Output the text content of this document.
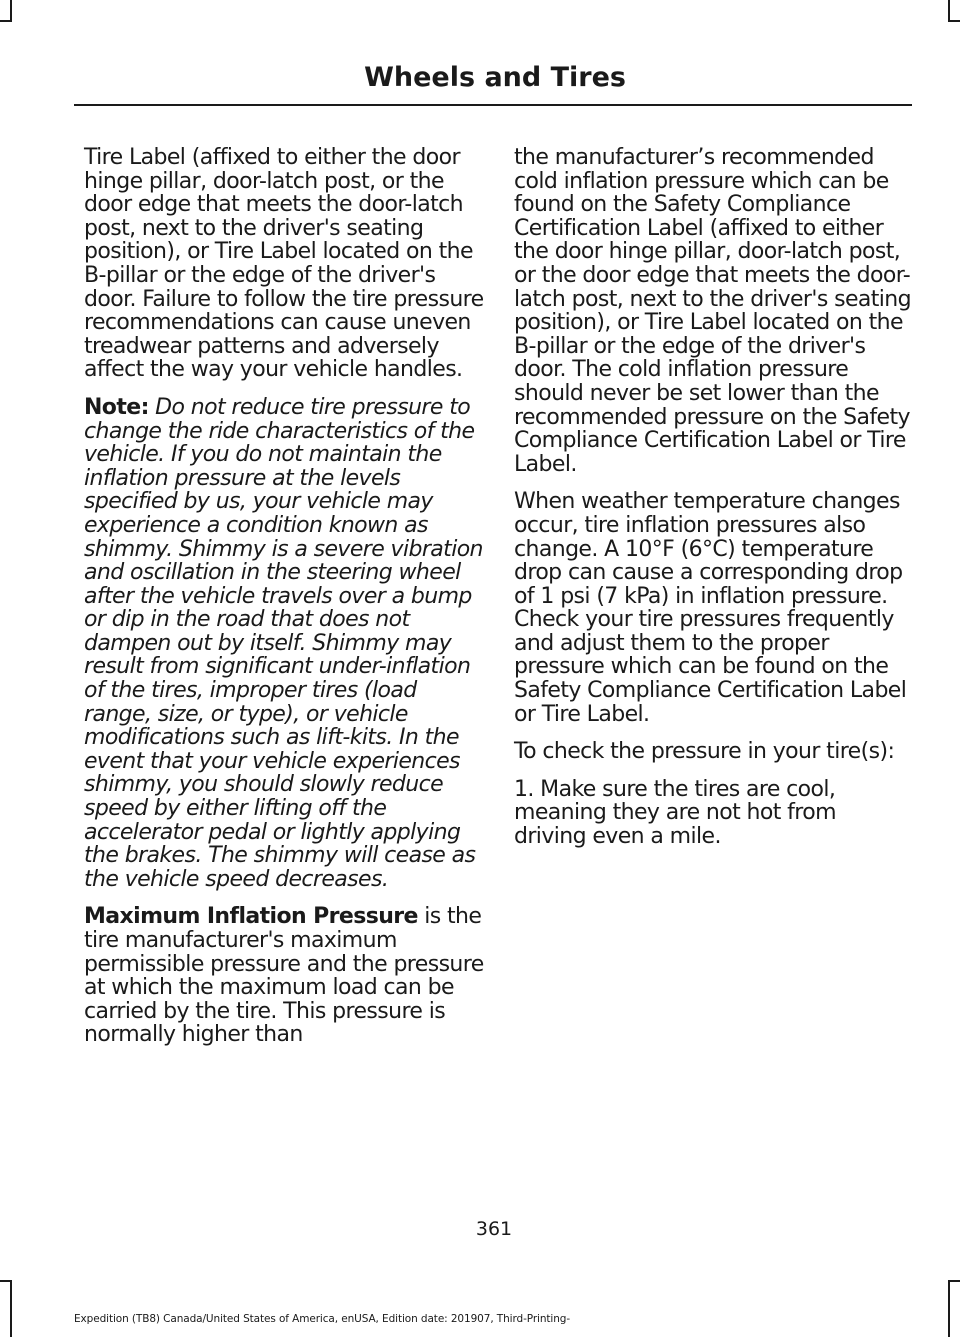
Wheels and Tires

Tire Label (affixed to either the door hinge pillar, door-latch post, or the door edge that meets the door-latch post, next to the driver's seating position), or Tire Label located on the B-pillar or the edge of the driver's door. Failure to follow the tire pressure recommendations can cause uneven treadwear patterns and adversely affect the way your vehicle handles.

Note: Do not reduce tire pressure to change the ride characteristics of the vehicle. If you do not maintain the inflation pressure at the levels specified by us, your vehicle may experience a condition known as shimmy. Shimmy is a severe vibration and oscillation in the steering wheel after the vehicle travels over a bump or dip in the road that does not dampen out by itself. Shimmy may result from significant under-inflation of the tires, improper tires (load range, size, or type), or vehicle modifications such as lift-kits. In the event that your vehicle experiences shimmy, you should slowly reduce speed by either lifting off the accelerator pedal or lightly applying the brakes. The shimmy will cease as the vehicle speed decreases.

Maximum Inflation Pressure is the tire manufacturer's maximum permissible pressure and the pressure at which the maximum load can be carried by the tire. This pressure is normally higher than

the manufacturer’s recommended cold inflation pressure which can be found on the Safety Compliance Certification Label (affixed to either the door hinge pillar, door-latch post, or the door edge that meets the door-latch post, next to the driver's seating position), or Tire Label located on the B-pillar or the edge of the driver's door. The cold inflation pressure should never be set lower than the recommended pressure on the Safety Compliance Certification Label or Tire Label.

When weather temperature changes occur, tire inflation pressures also change. A 10°F (6°C) temperature drop can cause a corresponding drop of 1 psi (7 kPa) in inflation pressure. Check your tire pressures frequently and adjust them to the proper pressure which can be found on the Safety Compliance Certification Label or Tire Label.

To check the pressure in your tire(s):

1. Make sure the tires are cool, meaning they are not hot from driving even a mile.

361
Expedition (TB8) Canada/United States of America, enUSA, Edition date: 201907, Third-Printing-
